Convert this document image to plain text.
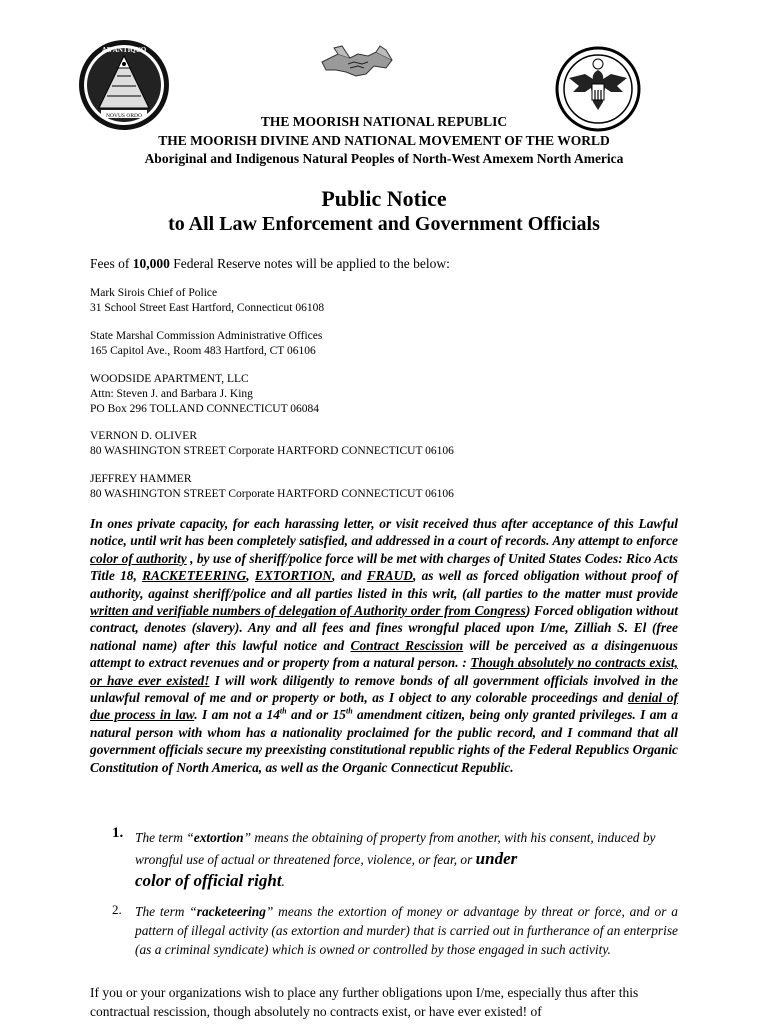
AB ANTIQUO
NOVUS ORDO	THE MOORISH NATIONAL REPUBLIC
THE MOORISH DIVINE AND NATIONAL MOVEMENT OF THE WORLD
Aboriginal and Indigenous Natural Peoples of North-West Amexem North America
Public Notice
to All Law Enforcement and Government Officials
Fees of 10,000 Federal Reserve notes will be applied to the below:
Mark Sirois Chief of Police
31 School Street East Hartford, Connecticut 06108
State Marshal Commission Administrative Offices
165 Capitol Ave., Room 483 Hartford, CT 06106
WOODSIDE APARTMENT, LLC
Attn: Steven J. and Barbara J. King
PO Box 296 TOLLAND CONNECTICUT 06084
VERNON D. OLIVER
80 WASHINGTON STREET Corporate HARTFORD CONNECTICUT 06106
JEFFREY HAMMER
80 WASHINGTON STREET Corporate HARTFORD CONNECTICUT 06106
In ones private capacity, for each harassing letter, or visit received thus after acceptance of this Lawful notice, until writ has been completely satisfied, and addressed in a court of records. Any attempt to enforce color of authority , by use of sheriff/police force will be met with charges of United States Codes: Rico Acts Title 18, RACKETEERING, EXTORTION, and FRAUD, as well as forced obligation without proof of authority, against sheriff/police and all parties listed in this writ, (all parties to the matter must provide written and verifiable numbers of delegation of Authority order from Congress) Forced obligation without contract, denotes (slavery). Any and all fees and fines wrongful placed upon I/me, Zilliah S. El (free national name) after this lawful notice and Contract Rescission will be perceived as a disingenuous attempt to extract revenues and or property from a natural person. : Though absolutely no contracts exist, or have ever existed! I will work diligently to remove bonds of all government officials involved in the unlawful removal of me and or property or both, as I object to any colorable proceedings and denial of due process in law. I am not a 14th and or 15th amendment citizen, being only granted privileges. I am a natural person with whom has a nationality proclaimed for the public record, and I command that all government officials secure my preexisting constitutional republic rights of the Federal Republics Organic Constitution of North America, as well as the Organic Connecticut Republic.
1. The term “extortion” means the obtaining of property from another, with his consent, induced by wrongful use of actual or threatened force, violence, or fear, or under
color of official right.
2. The term “racketeering” means the extortion of money or advantage by threat or force, and or a pattern of illegal activity (as extortion and murder) that is carried out in furtherance of an enterprise (as a criminal syndicate) which is owned or controlled by those engaged in such activity.
If you or your organizations wish to place any further obligations upon I/me, especially thus after this contractual rescission, though absolutely no contracts exist, or have ever existed! of
